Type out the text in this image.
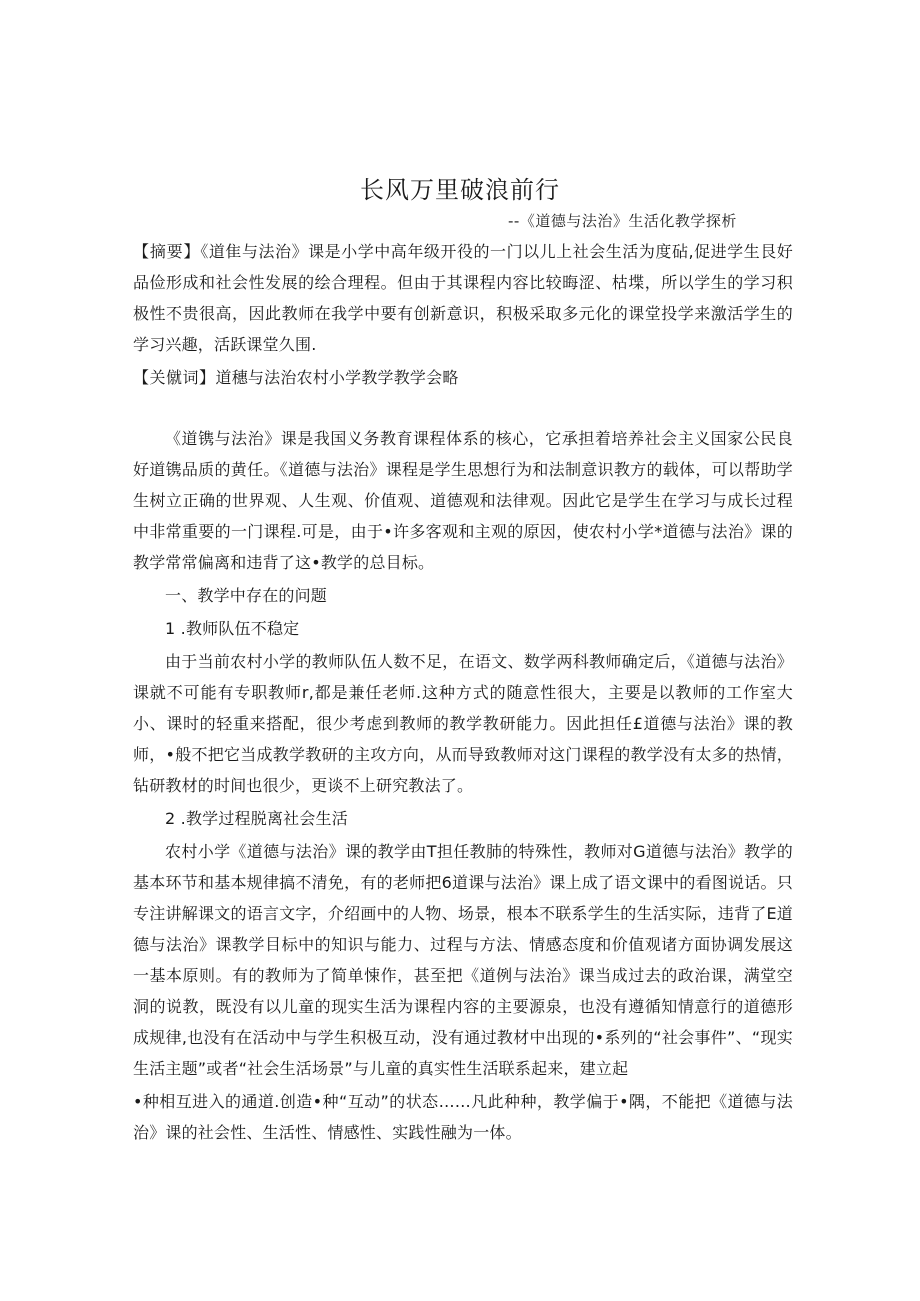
长风万里破浪前行
--《道德与法治》生活化教学探析
【摘要】《道隹与法治》课是小学中高年级开役的一门以儿上社会生活为度砧,促进学生艮好品俭形成和社会性发展的绘合理程。但由于其课程内容比较晦涩、枯堞，所以学生的学习积极性不贵很高，因此教师在我学中要有创新意识，积极采取多元化的课堂投学来激活学生的学习兴趣，活跃课堂久围.
【关僦词】道穗与法治农村小学教学教学会略

《道镌与法治》课是我国义务教育课程体系的核心，它承担着培养社会主义国家公民良好道镌品质的黄任。《道德与法治》课程是学生思想行为和法制意识教方的载体，可以帮助学生树立正确的世界观、人生观、价值观、道德观和法律观。因此它是学生在学习与成长过程中非常重要的一门课程.可是，由于•许多客观和主观的原因，使农村小学*道德与法治》课的教学常常偏离和违背了这•教学的总目标。

一、教学中存在的问题

1 .教师队伍不稳定

由于当前农村小学的教师队伍人数不足，在语文、数学两科教师确定后，《道德与法治》课就不可能有专职教师r,都是兼任老师.这种方式的随意性很大，主要是以教师的工作室大小、课时的轻重来搭配，很少考虑到教师的教学教研能力。因此担任£道德与法治》课的教师，•般不把它当成教学教研的主攻方向，从而导致教师对这门课程的教学没有太多的热情，钻研教材的时间也很少，更谈不上研究教法了。

2 .教学过程脱离社会生活

农村小学《道德与法治》课的教学由T担任教肺的特殊性，教师对G道德与法治》教学的基本环节和基本规律搞不清免，有的老师把6道课与法治》课上成了语文课中的看图说话。只专注讲解课文的语言文字，介绍画中的人物、场景，根本不联系学生的生活实际，违背了E道德与法治》课教学目标中的知识与能力、过程与方法、情感态度和价值观诸方面协调发展这一基本原则。有的教师为了简单悚作，甚至把《道例与法治》课当成过去的政治课，满堂空洞的说教，既没有以儿童的现实生活为课程内容的主要源泉，也没有遵循知情意行的道德形成规律,也没有在活动中与学生积极互动，没有通过教材中出现的•系列的“社会事件”、“现实生活主题”或者“社会生活场景”与儿童的真实性生活联系起来，建立起

•种相互进入的通道.创造•种“互动”的状态……凡此种种，教学偏于•隅，不能把《道德与法治》课的社会性、生活性、情感性、实践性融为一体。
